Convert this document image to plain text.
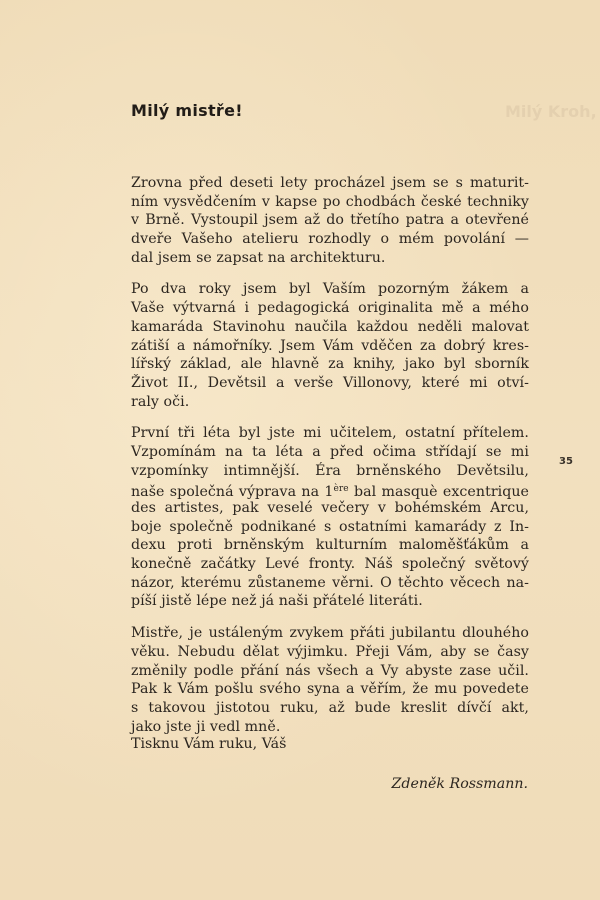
Milý Kroh,
Milý mistře!
Zrovna před deseti lety procházel jsem se s maturit-
ním vysvědčením v kapse po chodbách české techniky
v Brně. Vystoupil jsem až do třetího patra a otevřené
dveře Vašeho atelieru rozhodly o mém povolání —
dal jsem se zapsat na architekturu.
Po dva roky jsem byl Vaším pozorným žákem a
Vaše výtvarná i pedagogická originalita mě a mého
kamaráda Stavinohu naučila každou neděli malovat
zátiší a námořníky. Jsem Vám vděčen za dobrý kres-
lířský základ, ale hlavně za knihy, jako byl sborník
Život II., Devětsil a verše Villonovy, které mi otví-
raly oči.
První tři léta byl jste mi učitelem, ostatní přítelem.
Vzpomínám na ta léta a před očima střídají se mi
vzpomínky intimnější. Éra brněnského Devětsilu,
naše společná výprava na 1ère bal masquè excentrique
des artistes, pak veselé večery v bohémském Arcu,
boje společně podnikané s ostatními kamarády z In-
dexu proti brněnským kulturním maloměšťákům a
konečně začátky Levé fronty. Náš společný světový
názor, kterému zůstaneme věrni. O těchto věcech na-
píší jistě lépe než já naši přátelé literáti.
Mistře, je ustáleným zvykem přáti jubilantu dlouhého
věku. Nebudu dělat výjimku. Přeji Vám, aby se časy
změnily podle přání nás všech a Vy abyste zase učil.
Pak k Vám pošlu svého syna a věřím, že mu povedete
s takovou jistotou ruku, až bude kreslit dívčí akt,
jako jste ji vedl mně.
Tisknu Vám ruku, Váš
Zdeněk Rossmann.
35
